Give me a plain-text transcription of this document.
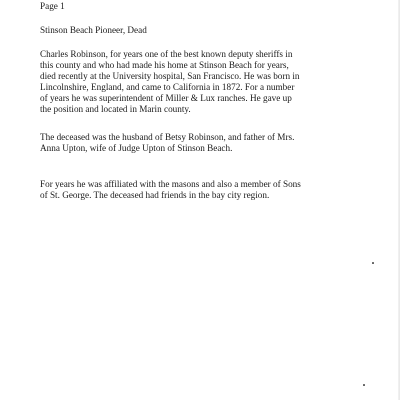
Page 1
Stinson Beach Pioneer, Dead

Charles Robinson, for years one of the best known deputy sheriffs in
this county and who had made his home at Stinson Beach for years,
died recently at the University hospital, San Francisco. He was born in
Lincolnshire, England, and came to California in 1872. For a number
of years he was superintendent of Miller & Lux ranches. He gave up
the position and located in Marin county.

The deceased was the husband of Betsy Robinson, and father of Mrs.
Anna Upton, wife of Judge Upton of Stinson Beach.

For years he was affiliated with the masons and also a member of Sons
of St. George. The deceased had friends in the bay city region.
